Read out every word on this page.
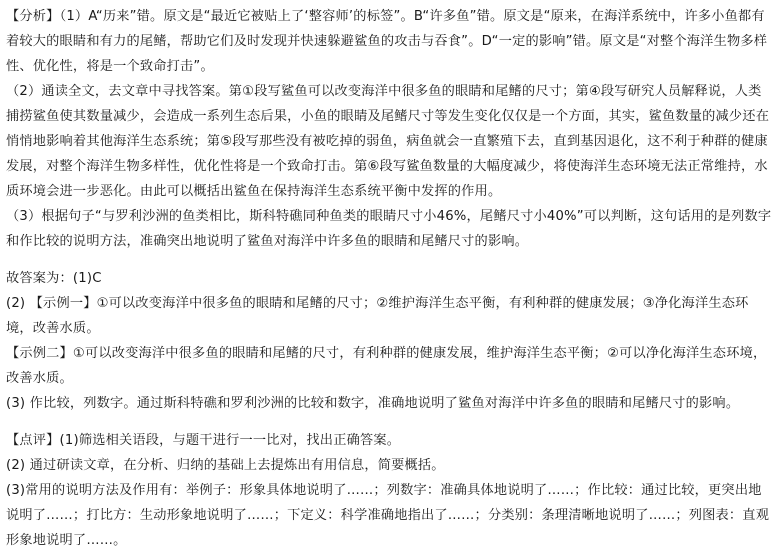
【分析】（1）A“历来”错。原文是“最近它被贴上了‘整容师’的标签”。B“许多鱼”错。原文是“原来，在海洋系统中，许多小鱼都有着较大的眼睛和有力的尾鳍，帮助它们及时发现并快速躲避鲨鱼的攻击与吞食”。D“一定的影响”错。原文是“对整个海洋生物多样性、优化性，将是一个致命打击”。

（2）通读全文，去文章中寻找答案。第①段写鲨鱼可以改变海洋中很多鱼的眼睛和尾鳍的尺寸；第④段写研究人员解释说，人类捕捞鲨鱼使其数量减少，会造成一系列生态后果，小鱼的眼睛及尾鳍尺寸等发生变化仅仅是一个方面，其实，鲨鱼数量的减少还在悄悄地影响着其他海洋生态系统；第⑤段写那些没有被吃掉的弱鱼，病鱼就会一直繁殖下去，直到基因退化，这不利于种群的健康发展，对整个海洋生物多样性，优化性将是一个致命打击。第⑥段写鲨鱼数量的大幅度减少，将使海洋生态环境无法正常维持，水质环境会进一步恶化。由此可以概括出鲨鱼在保持海洋生态系统平衡中发挥的作用。

（3）根据句子“与罗利沙洲的鱼类相比，斯科特礁同种鱼类的眼睛尺寸小46%，尾鳍尺寸小40%”可以判断，这句话用的是列数字和作比较的说明方法，准确突出地说明了鲨鱼对海洋中许多鱼的眼睛和尾鳍尺寸的影响。

故答案为：(1)C

(2) 【示例一】①可以改变海洋中很多鱼的眼睛和尾鳍的尺寸；②维护海洋生态平衡，有利种群的健康发展；③净化海洋生态环境，改善水质。

【示例二】①可以改变海洋中很多鱼的眼睛和尾鳍的尺寸，有利种群的健康发展，维护海洋生态平衡；②可以净化海洋生态环境，改善水质。

(3) 作比较，列数字。通过斯科特礁和罗利沙洲的比较和数字，准确地说明了鲨鱼对海洋中许多鱼的眼睛和尾鳍尺寸的影响。

【点评】(1)筛选相关语段，与题干进行一一比对，找出正确答案。

(2) 通过研读文章，在分析、归纳的基础上去提炼出有用信息，简要概括。

(3)常用的说明方法及作用有：举例子：形象具体地说明了……；列数字：准确具体地说明了……；作比较：通过比较，更突出地说明了……；打比方：生动形象地说明了……；下定义：科学准确地指出了……；分类别：条理清晰地说明了……；列图表：直观形象地说明了……。
